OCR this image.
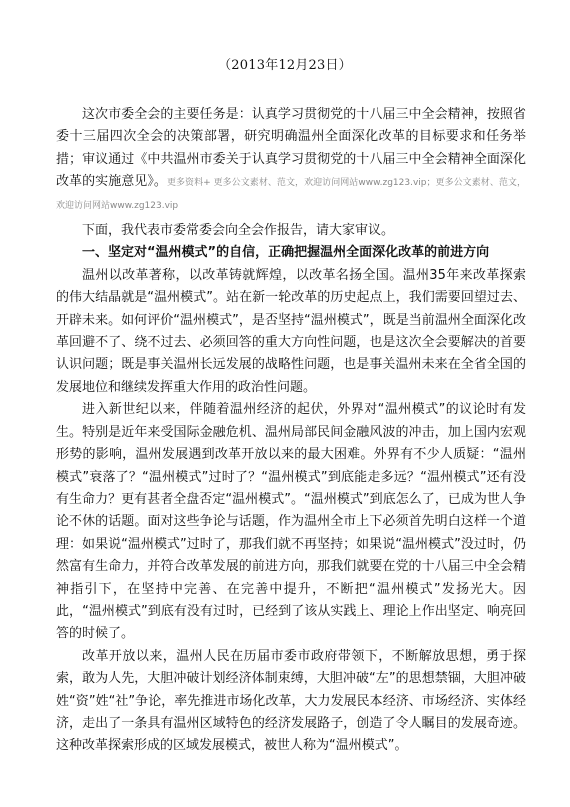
（2013年12月23日）

这次市委全会的主要任务是：认真学习贯彻党的十八届三中全会精神，按照省委十三届四次全会的决策部署，研究明确温州全面深化改革的目标要求和任务举措；审议通过《中共温州市委关于认真学习贯彻党的十八届三中全会精神全面深化改革的实施意见》。更多资料+ 更多公文素材、范文，欢迎访问网站www.zg123.vip；更多公文素材、范文，欢迎访问网站www.zg123.vip

下面，我代表市委常委会向全会作报告，请大家审议。

一、坚定对“温州模式”的自信，正确把握温州全面深化改革的前进方向

温州以改革著称，以改革铸就辉煌，以改革名扬全国。温州35年来改革探索的伟大结晶就是“温州模式”。站在新一轮改革的历史起点上，我们需要回望过去、开辟未来。如何评价“温州模式”，是否坚持“温州模式”，既是当前温州全面深化改革回避不了、绕不过去、必须回答的重大方向性问题，也是这次全会要解决的首要认识问题；既是事关温州长远发展的战略性问题，也是事关温州未来在全省全国的发展地位和继续发挥重大作用的政治性问题。

进入新世纪以来，伴随着温州经济的起伏，外界对“温州模式”的议论时有发生。特别是近年来受国际金融危机、温州局部民间金融风波的冲击，加上国内宏观形势的影响，温州发展遇到改革开放以来的最大困难。外界有不少人质疑：“温州模式”衰落了？“温州模式”过时了？“温州模式”到底能走多远？“温州模式”还有没有生命力？更有甚者全盘否定“温州模式”。“温州模式”到底怎么了，已成为世人争论不休的话题。面对这些争论与话题，作为温州全市上下必须首先明白这样一个道理：如果说“温州模式”过时了，那我们就不再坚持；如果说“温州模式”没过时，仍然富有生命力，并符合改革发展的前进方向，那我们就要在党的十八届三中全会精神指引下，在坚持中完善、在完善中提升，不断把“温州模式”发扬光大。因此，“温州模式”到底有没有过时，已经到了该从实践上、理论上作出坚定、响亮回答的时候了。

改革开放以来，温州人民在历届市委市政府带领下，不断解放思想，勇于探索，敢为人先，大胆冲破计划经济体制束缚，大胆冲破“左”的思想禁锢，大胆冲破姓“资”姓“社”争论，率先推进市场化改革，大力发展民本经济、市场经济、实体经济，走出了一条具有温州区域特色的经济发展路子，创造了令人瞩目的发展奇迹。这种改革探索形成的区域发展模式，被世人称为“温州模式”。
